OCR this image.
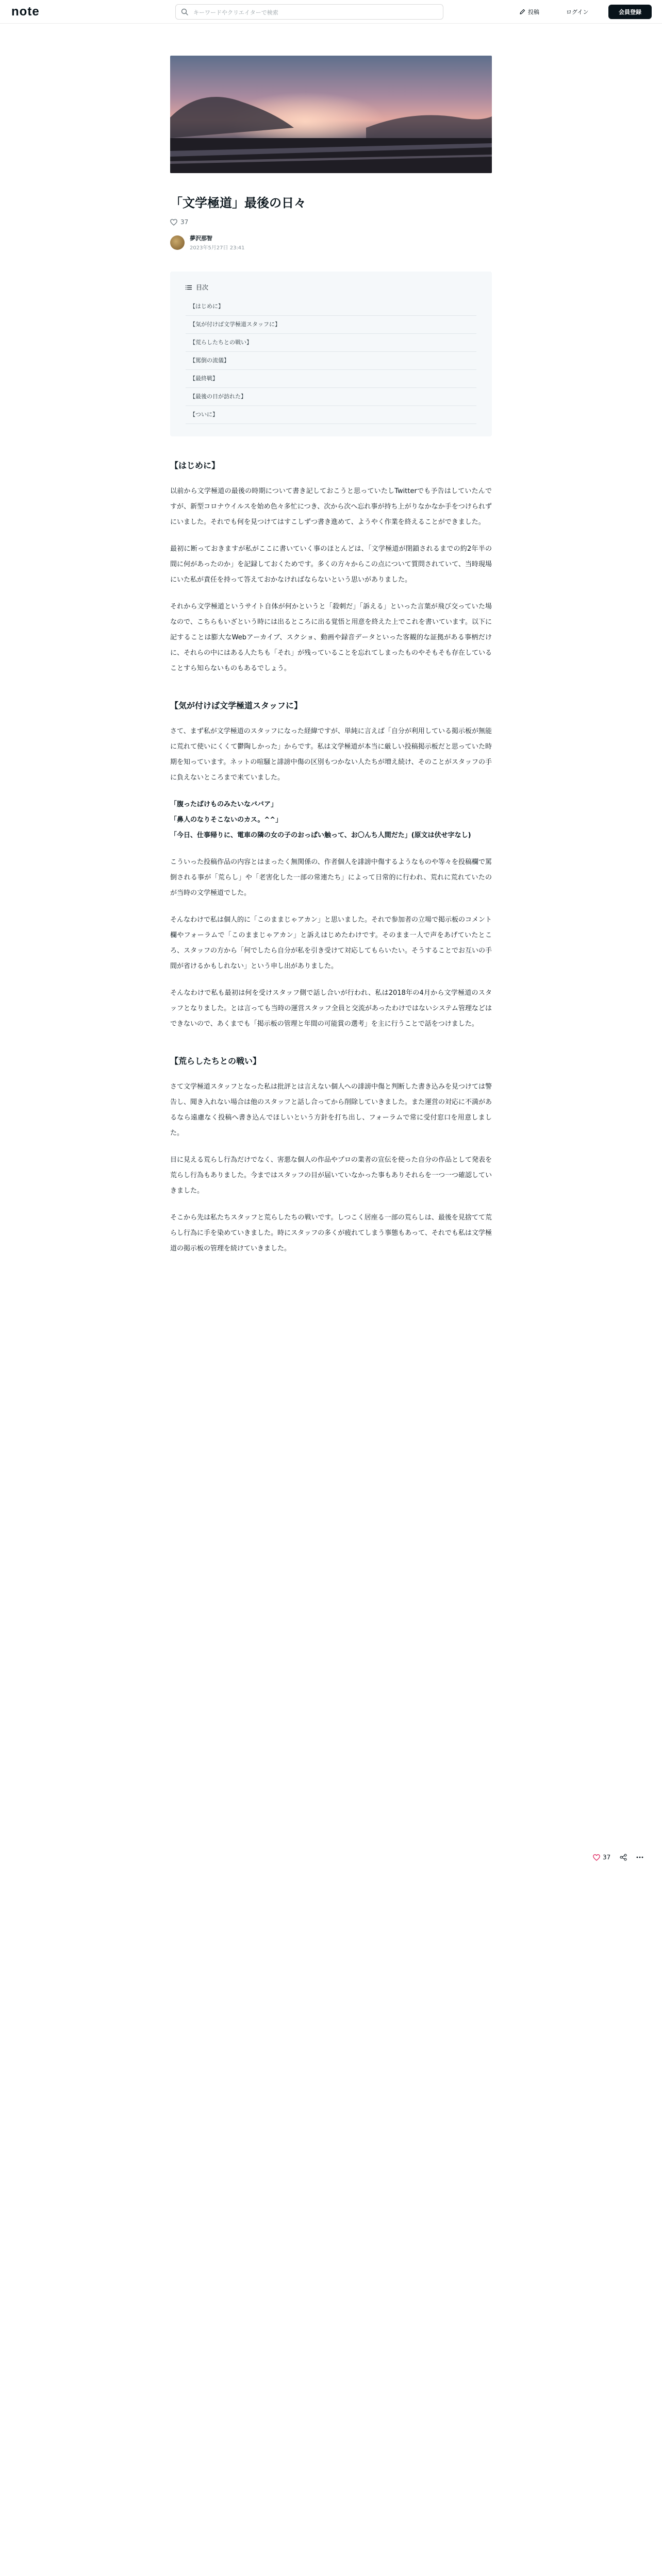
note
キーワードやクリエイターで検索	投稿	ログイン	会員登録
「文学極道」最後の日々
37
夢沢那智
2023年5月27日 23:41
目次
【はじめに】
【気が付けば文学極道スタッフに】
【荒らしたちとの戦い】
【罵倒の流儀】
【最終戦】
【最後の日が訪れた】
【ついに】
【はじめに】

以前から文学極道の最後の時期について書き記しておこうと思っていたしTwitterでも予告はしていたんですが、新型コロナウイルスを始め色々多忙につき、次から次へ忘れ事が持ち上がりなかなか手をつけられずにいました。それでも何を見つけてはすこしずつ書き進めて、ようやく作業を終えることができました。

最初に断っておきますが私がここに書いていく事のほとんどは、「文学極道が閉鎖されるまでの約2年半の間に何があったのか」を記録しておくためです。多くの方々からこの点について質問されていて、当時現場にいた私が責任を持って答えておかなければならないという思いがありました。

それから文学極道というサイト自体が何かというと「殺刺だ」「訴える」といった言葉が飛び交っていた場なので、こちらもいざという時には出るところに出る覚悟と用意を終えた上でこれを書いています。以下に記することは膨大なWebアーカイブ、スクショ、動画や録音データといった客観的な証拠がある事柄だけに、それらの中にはある人たちも「それ」が残っていることを忘れてしまったものやそもそも存在していることすら知らないものもあるでしょう。

【気が付けば文学極道スタッフに】

さて、まず私が文学極道のスタッフになった経緯ですが、単純に言えば「自分が利用している掲示板が無能に荒れて使いにくくて鬱陶しかった」からです。私は文学極道が本当に厳しい投稿掲示板だと思っていた時期を知っています。ネットの喧騒と誹謗中傷の区別もつかない人たちが増え続け、そのことがスタッフの手に負えないところまで来ていました。

「腹ったばけものみたいなババア」
「鼻人のなりそこないのカス。^^」
「今日、仕事帰りに、電車の隣の女の子のおっぱい触って、お〇んち人間だた」(原文は伏せ字なし)

こういった投稿作品の内容とはまったく無関係の、作者個人を誹謗中傷するようなものや等々を投稿欄で罵倒される事が「荒らし」や「老害化した一部の常連たち」によって日常的に行われ、荒れに荒れていたのが当時の文学極道でした。

そんなわけで私は個人的に「このままじゃアカン」と思いました。それで参加者の立場で掲示板のコメント欄やフォーラムで「このままじゃアカン」と訴えはじめたわけです。そのまま一人で声をあげていたところ、スタッフの方から「何でしたら自分が私を引き受けて対応してもらいたい。そうすることでお互いの手間が省けるかもしれない」という申し出がありました。

そんなわけで私も最初は何を受けスタッフ側で話し合いが行われ、私は2018年の4月から文学極道のスタッフとなりました。とは言っても当時の運営スタッフ全員と交流があったわけではないシステム管理などはできないので、あくまでも「掲示板の管理と年間の可能賞の選考」を主に行うことで話をつけました。

【荒らしたちとの戦い】

さて文学極道スタッフとなった私は批評とは言えない個人への誹謗中傷と判断した書き込みを見つけては警告し、聞き入れない場合は他のスタッフと話し合ってから削除していきました。また運営の対応に不満があるなら遠慮なく投稿へ書き込んでほしいという方針を打ち出し、フォーラムで常に受付窓口を用意しました。

目に見える荒らし行為だけでなく、害悪な個人の作品やプロの業者の宣伝を使った自分の作品として発表を荒らし行為もありました。今まではスタッフの目が届いていなかった事もありそれらを一つ一つ確認していきました。

そこから先は私たちスタッフと荒らしたちの戦いです。しつこく居座る一部の荒らしは、最後を見捨てて荒らし行為に手を染めていきました。時にスタッフの多くが疲れてしまう事態もあって、それでも私は文学極道の掲示板の管理を続けていきました。

37
